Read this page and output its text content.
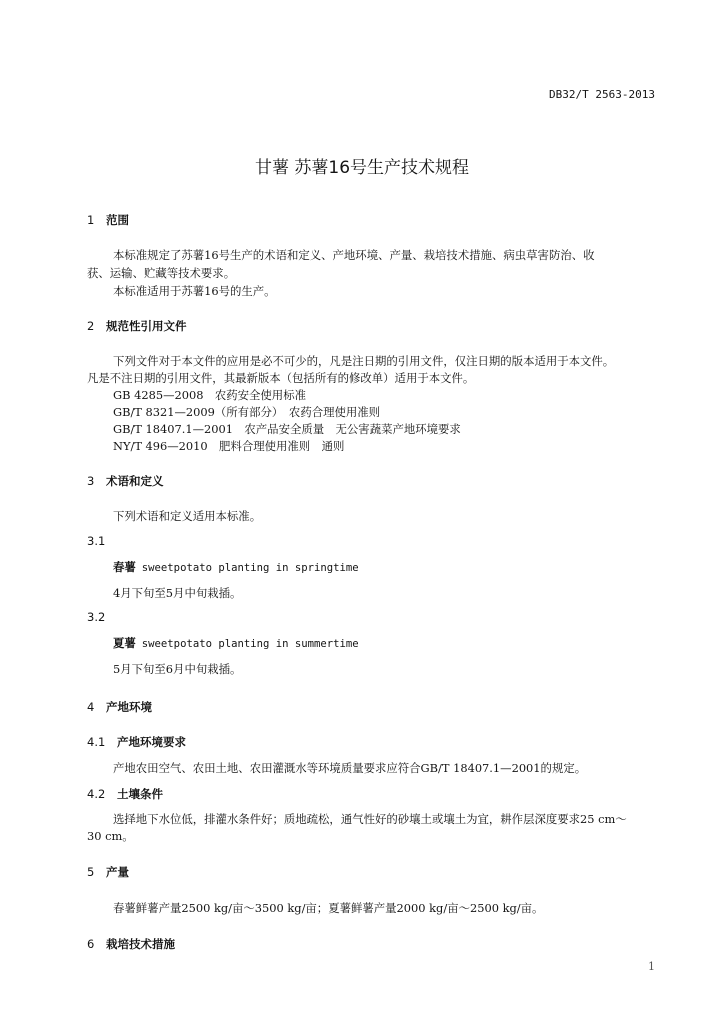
DB32/T 2563-2013
甘薯 苏薯16号生产技术规程
1 范围
本标准规定了苏薯16号生产的术语和定义、产地环境、产量、栽培技术措施、病虫草害防治、收
获、运输、贮藏等技术要求。
本标准适用于苏薯16号的生产。
2 规范性引用文件
下列文件对于本文件的应用是必不可少的，凡是注日期的引用文件，仅注日期的版本适用于本文件。
凡是不注日期的引用文件，其最新版本（包括所有的修改单）适用于本文件。
GB 4285—2008　农药安全使用标准
GB/T 8321—2009（所有部分）　农药合理使用准则
GB/T 18407.1—2001　农产品安全质量　无公害蔬菜产地环境要求
NY/T 496—2010　肥料合理使用准则　通则
3 术语和定义
下列术语和定义适用本标准。
3.1
春薯 sweetpotato planting in springtime
4月下旬至5月中旬栽插。
3.2
夏薯 sweetpotato planting in summertime
5月下旬至6月中旬栽插。
4 产地环境
4.1 产地环境要求
产地农田空气、农田土地、农田灌溉水等环境质量要求应符合GB/T 18407.1—2001的规定。
4.2 土壤条件
选择地下水位低，排灌水条件好；质地疏松，通气性好的砂壤土或壤土为宜，耕作层深度要求25 cm～
30 cm。
5 产量
春薯鲜薯产量2500 kg/亩～3500 kg/亩；夏薯鲜薯产量2000 kg/亩～2500 kg/亩。
6 栽培技术措施
1
